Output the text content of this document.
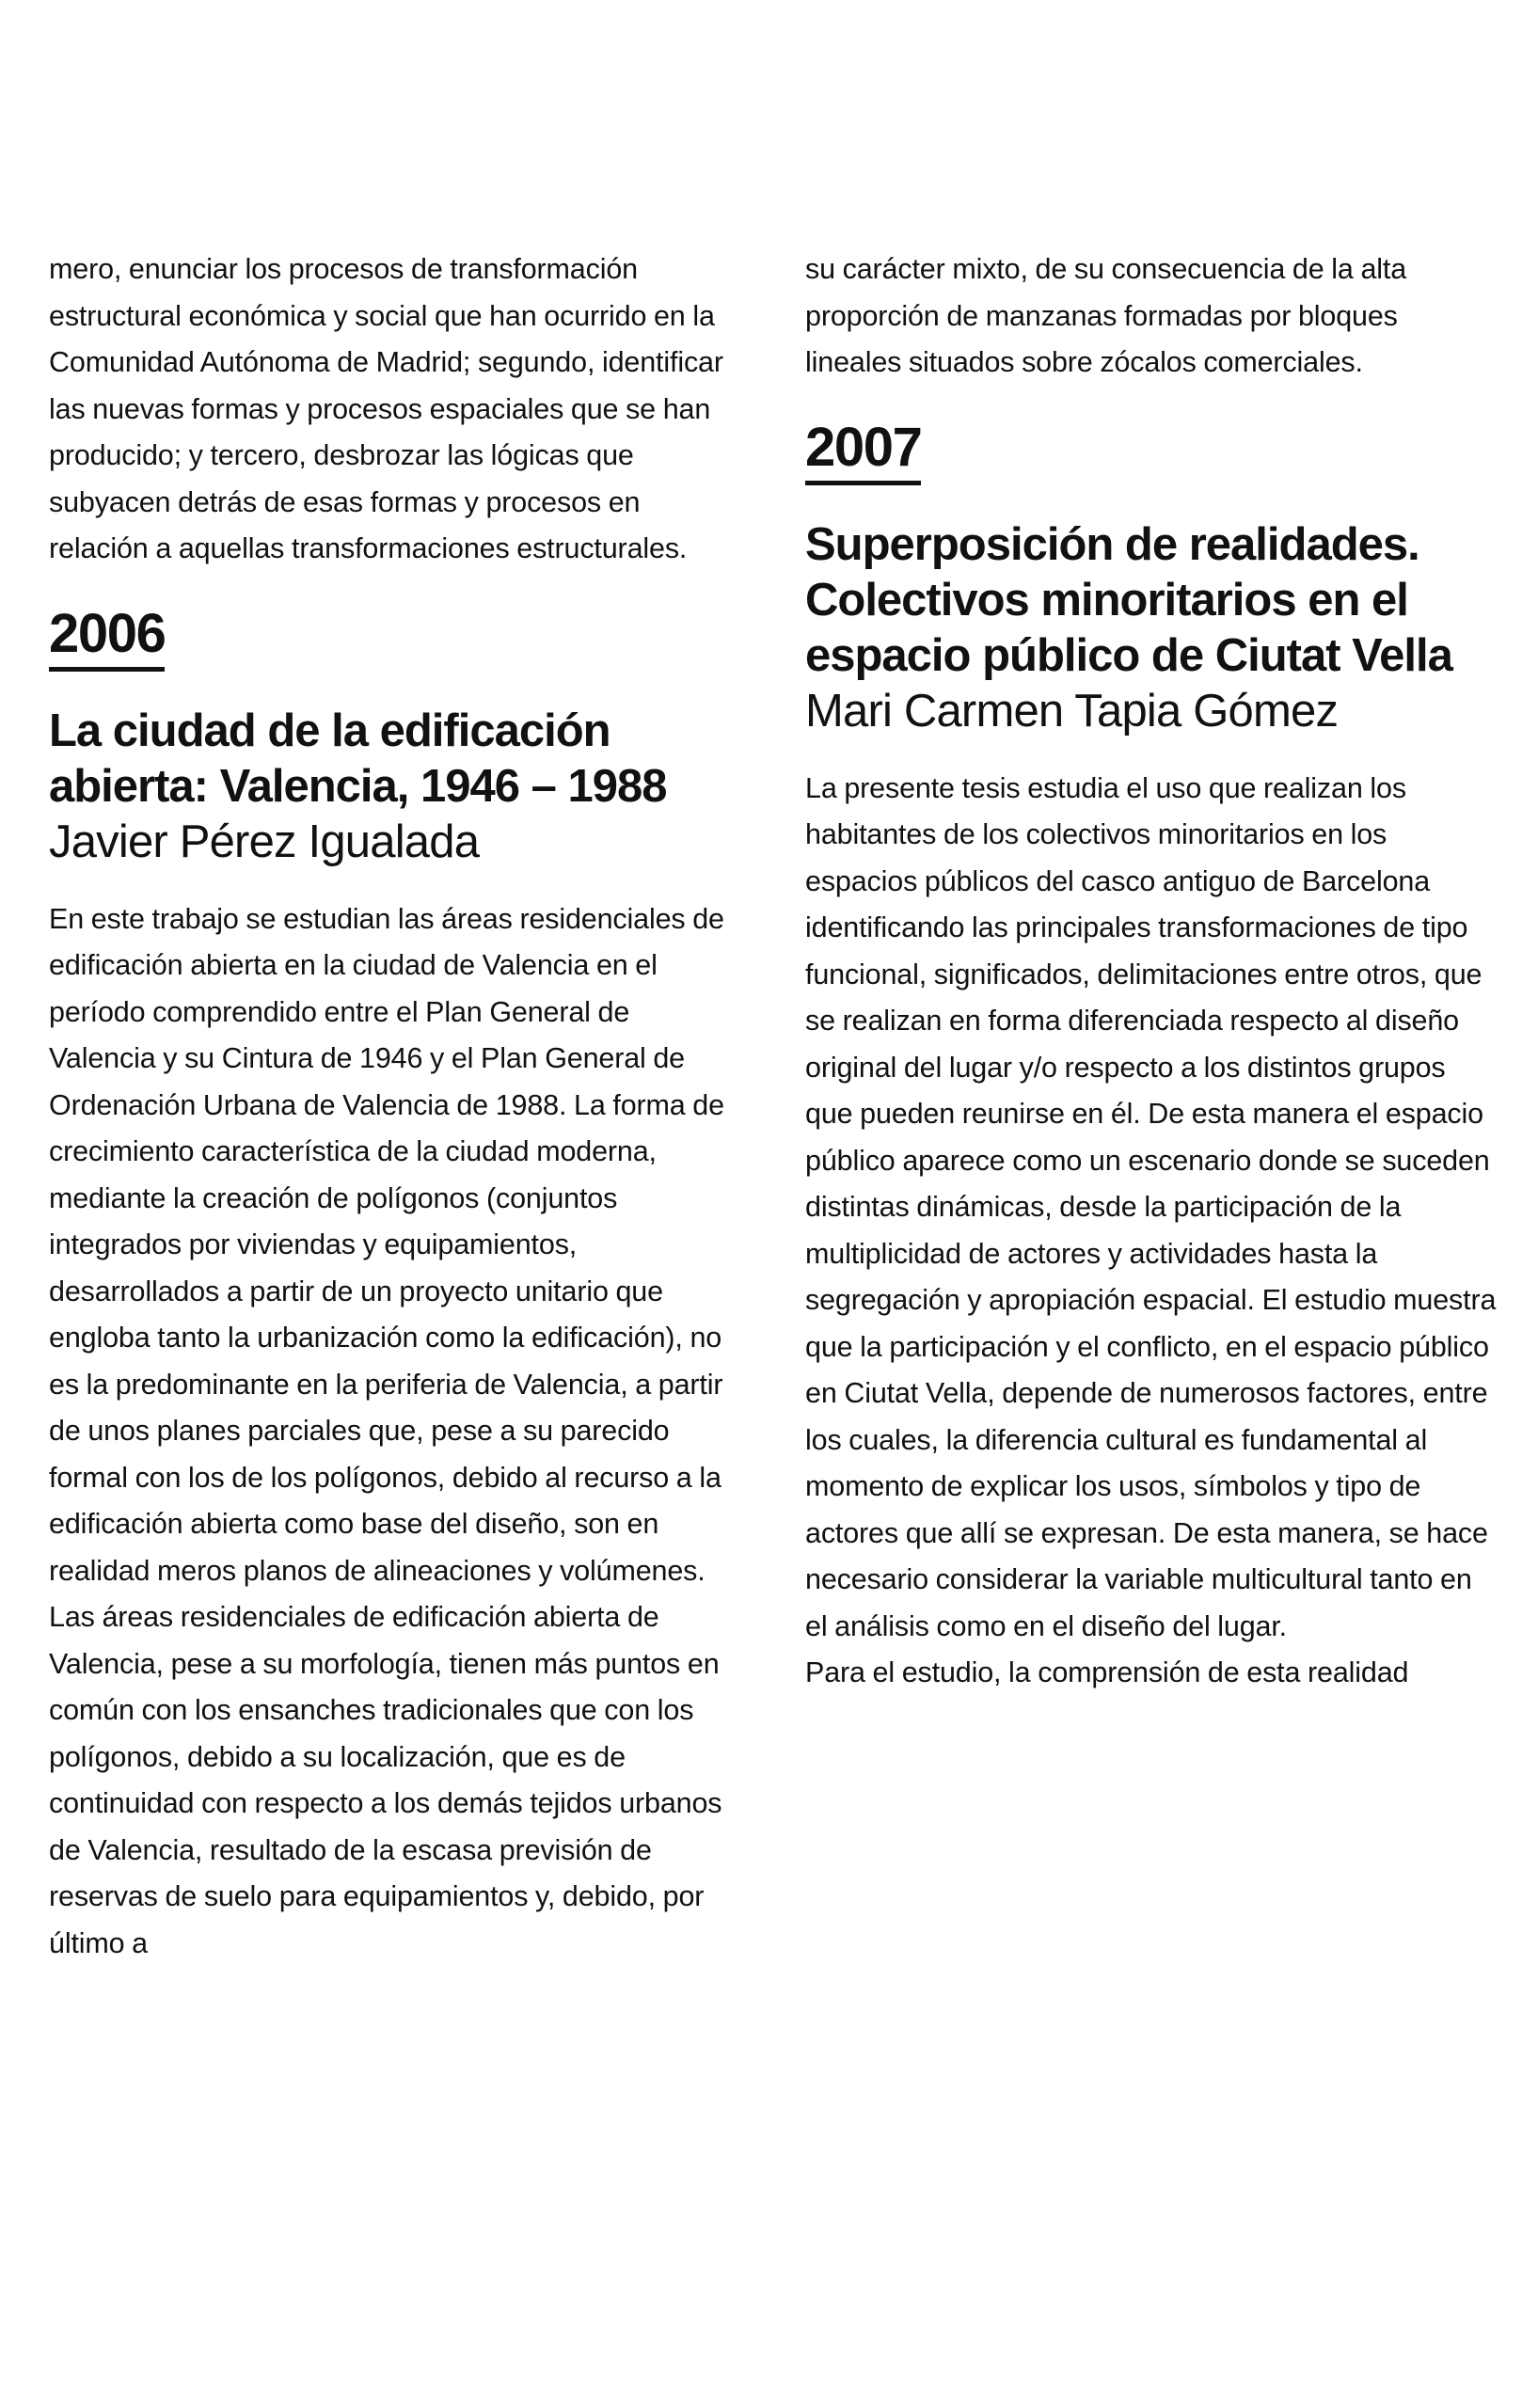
mero, enunciar los procesos de transformación estructural económica y social que han ocurrido en la Comunidad Autónoma de Madrid; segundo, identificar las nuevas formas y procesos espaciales que se han producido; y tercero, desbrozar las lógicas que subyacen detrás de esas formas y procesos en relación a aquellas transformaciones estructurales.

2006

La ciudad de la edificación abierta: Valencia, 1946 – 1988

Javier Pérez Igualada

En este trabajo se estudian las áreas residenciales de edificación abierta en la ciudad de Valencia en el período comprendido entre el Plan General de Valencia y su Cintura de 1946 y el Plan General de Ordenación Urbana de Valencia de 1988. La forma de crecimiento característica de la ciudad moderna, mediante la creación de polígonos (conjuntos integrados por viviendas y equipamientos, desarrollados a partir de un proyecto unitario que engloba tanto la urbanización como la edificación), no es la predominante en la periferia de Valencia, a partir de unos planes parciales que, pese a su parecido formal con los de los polígonos, debido al recurso a la edificación abierta como base del diseño, son en realidad meros planos de alineaciones y volúmenes. Las áreas residenciales de edificación abierta de Valencia, pese a su morfología, tienen más puntos en común con los ensanches tradicionales que con los polígonos, debido a su localización, que es de continuidad con respecto a los demás tejidos urbanos de Valencia, resultado de la escasa previsión de reservas de suelo para equipamientos y, debido, por último a

su carácter mixto, de su consecuencia de la alta proporción de manzanas formadas por bloques lineales situados sobre zócalos comerciales.

2007

Superposición de realidades. Colectivos minoritarios en el espacio público de Ciutat Vella

Mari Carmen Tapia Gómez

La presente tesis estudia el uso que realizan los habitantes de los colectivos minoritarios en los espacios públicos del casco antiguo de Barcelona identificando las principales transformaciones de tipo funcional, significados, delimitaciones entre otros, que se realizan en forma diferenciada respecto al diseño original del lugar y/o respecto a los distintos grupos que pueden reunirse en él. De esta manera el espacio público aparece como un escenario donde se suceden distintas dinámicas, desde la participación de la multiplicidad de actores y actividades hasta la segregación y apropiación espacial. El estudio muestra que la participación y el conflicto, en el espacio público en Ciutat Vella, depende de numerosos factores, entre los cuales, la diferencia cultural es fundamental al momento de explicar los usos, símbolos y tipo de actores que allí se expresan. De esta manera, se hace necesario considerar la variable multicultural tanto en el análisis como en el diseño del lugar.

Para el estudio, la comprensión de esta realidad
